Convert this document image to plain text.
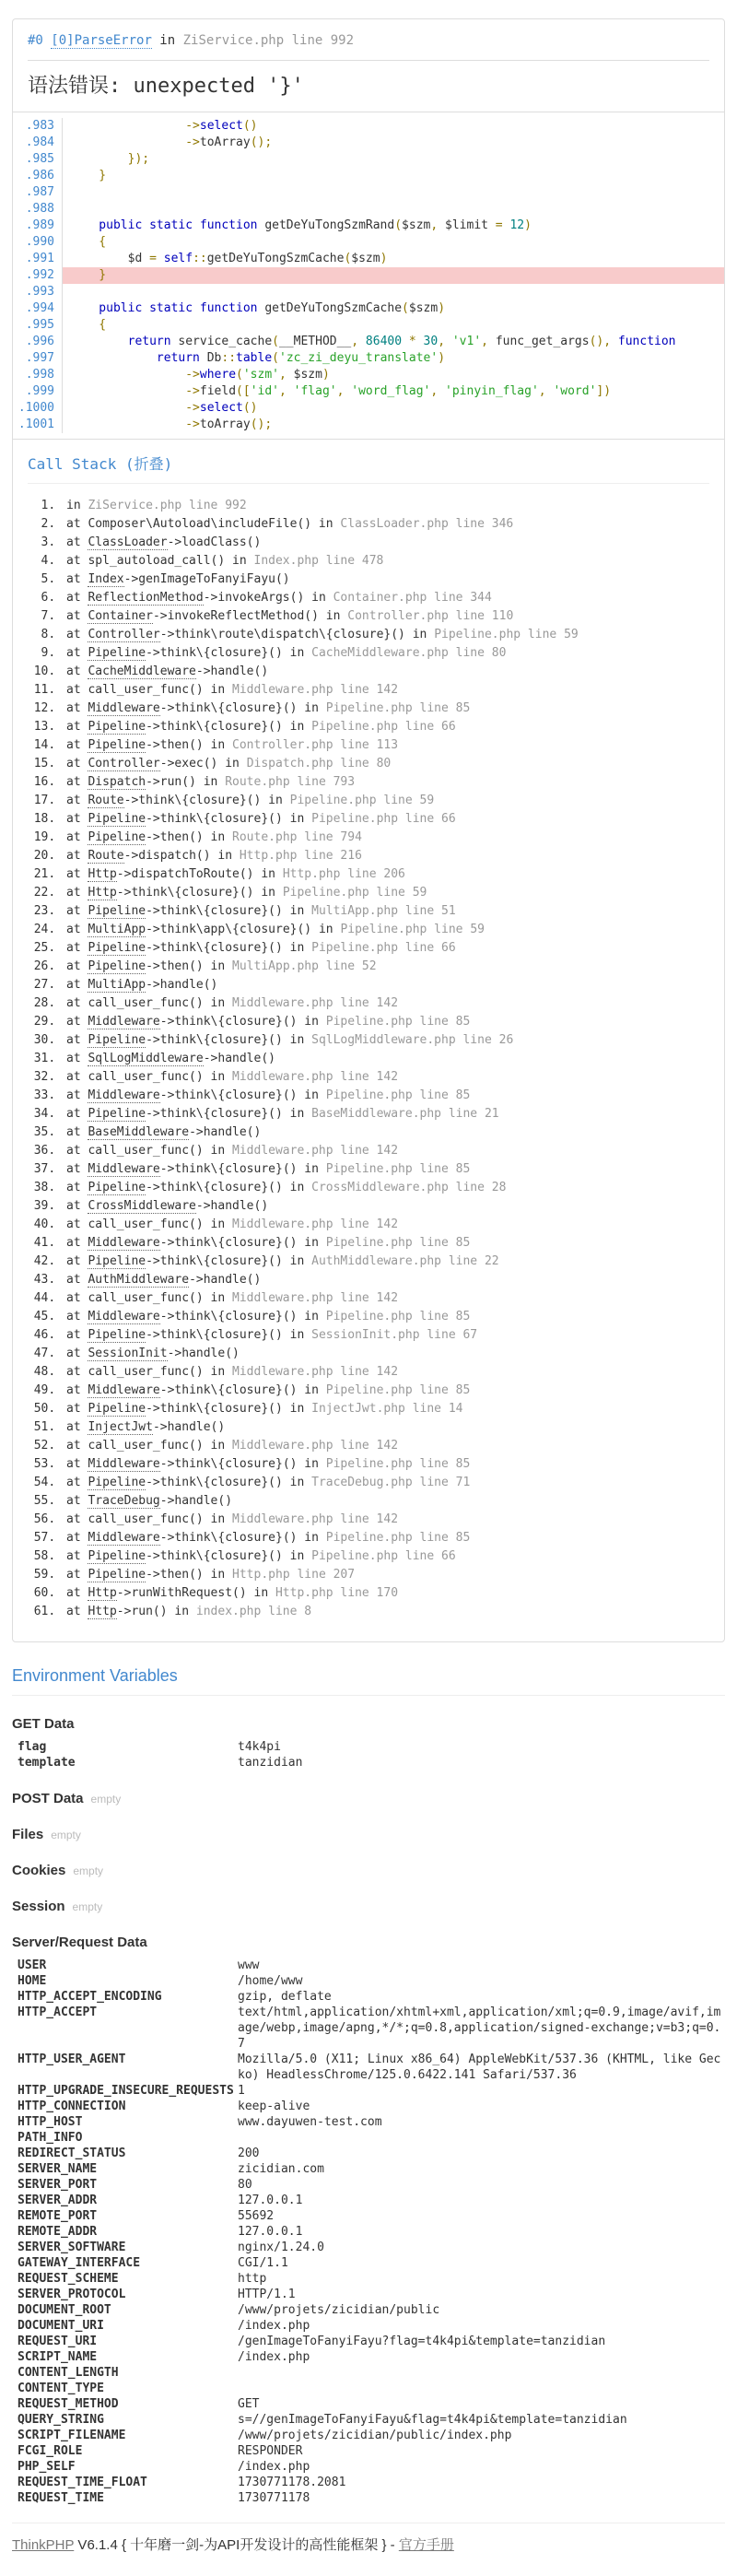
#0 [0]ParseError in ZiService.php line 992
语法错误: unexpected '}'
983.	->select()
984.	->toArray();
985.	});
986.	}
987.
988.
989.	public static function getDeYuTongSzmRand($szm, $limit = 12)
990.	{
991.	$d = self::getDeYuTongSzmCache($szm)
992.	}
993.
994.	public static function getDeYuTongSzmCache($szm)
995.	{
996.	return service_cache(__METHOD__, 86400 * 30, 'v1', func_get_args(), function
997.	return Db::table('zc_zi_deyu_translate')
998.	->where('szm', $szm)
999.	->field(['id', 'flag', 'word_flag', 'pinyin_flag', 'word'])
1000.	->select()
1001.	->toArray();
Call Stack (折叠)
1. in ZiService.php line 992
2. at Composer\Autoload\includeFile() in ClassLoader.php line 346
3. at ClassLoader->loadClass()
4. at spl_autoload_call() in Index.php line 478
5. at Index->genImageToFanyiFayu()
6. at ReflectionMethod->invokeArgs() in Container.php line 344
7. at Container->invokeReflectMethod() in Controller.php line 110
8. at Controller->think\route\dispatch\{closure}() in Pipeline.php line 59
9. at Pipeline->think\{closure}() in CacheMiddleware.php line 80
10. at CacheMiddleware->handle()
11. at call_user_func() in Middleware.php line 142
12. at Middleware->think\{closure}() in Pipeline.php line 85
13. at Pipeline->think\{closure}() in Pipeline.php line 66
14. at Pipeline->then() in Controller.php line 113
15. at Controller->exec() in Dispatch.php line 80
16. at Dispatch->run() in Route.php line 793
17. at Route->think\{closure}() in Pipeline.php line 59
18. at Pipeline->think\{closure}() in Pipeline.php line 66
19. at Pipeline->then() in Route.php line 794
20. at Route->dispatch() in Http.php line 216
21. at Http->dispatchToRoute() in Http.php line 206
22. at Http->think\{closure}() in Pipeline.php line 59
23. at Pipeline->think\{closure}() in MultiApp.php line 51
24. at MultiApp->think\app\{closure}() in Pipeline.php line 59
25. at Pipeline->think\{closure}() in Pipeline.php line 66
26. at Pipeline->then() in MultiApp.php line 52
27. at MultiApp->handle()
28. at call_user_func() in Middleware.php line 142
29. at Middleware->think\{closure}() in Pipeline.php line 85
30. at Pipeline->think\{closure}() in SqlLogMiddleware.php line 26
31. at SqlLogMiddleware->handle()
32. at call_user_func() in Middleware.php line 142
33. at Middleware->think\{closure}() in Pipeline.php line 85
34. at Pipeline->think\{closure}() in BaseMiddleware.php line 21
35. at BaseMiddleware->handle()
36. at call_user_func() in Middleware.php line 142
37. at Middleware->think\{closure}() in Pipeline.php line 85
38. at Pipeline->think\{closure}() in CrossMiddleware.php line 28
39. at CrossMiddleware->handle()
40. at call_user_func() in Middleware.php line 142
41. at Middleware->think\{closure}() in Pipeline.php line 85
42. at Pipeline->think\{closure}() in AuthMiddleware.php line 22
43. at AuthMiddleware->handle()
44. at call_user_func() in Middleware.php line 142
45. at Middleware->think\{closure}() in Pipeline.php line 85
46. at Pipeline->think\{closure}() in SessionInit.php line 67
47. at SessionInit->handle()
48. at call_user_func() in Middleware.php line 142
49. at Middleware->think\{closure}() in Pipeline.php line 85
50. at Pipeline->think\{closure}() in InjectJwt.php line 14
51. at InjectJwt->handle()
52. at call_user_func() in Middleware.php line 142
53. at Middleware->think\{closure}() in Pipeline.php line 85
54. at Pipeline->think\{closure}() in TraceDebug.php line 71
55. at TraceDebug->handle()
56. at call_user_func() in Middleware.php line 142
57. at Middleware->think\{closure}() in Pipeline.php line 85
58. at Pipeline->think\{closure}() in Pipeline.php line 66
59. at Pipeline->then() in Http.php line 207
60. at Http->runWithRequest() in Http.php line 170
61. at Http->run() in index.php line 8
Environment Variables
GET Data
flag	t4k4pi
template	tanzidian
POST Data empty
Files empty
Cookies empty
Session empty
Server/Request Data
USER	www
HOME	/home/www
HTTP_ACCEPT_ENCODING	gzip, deflate
HTTP_ACCEPT	text/html,application/xhtml+xml,application/xml;q=0.9,image/avif,image/webp,image/apng,*/*;q=0.8,application/signed-exchange;v=b3;q=0.7
HTTP_USER_AGENT	Mozilla/5.0 (X11; Linux x86_64) AppleWebKit/537.36 (KHTML, like Gecko) HeadlessChrome/125.0.6422.141 Safari/537.36
HTTP_UPGRADE_INSECURE_REQUESTS	1
HTTP_CONNECTION	keep-alive
HTTP_HOST	www.dayuwen-test.com
PATH_INFO	
REDIRECT_STATUS	200
SERVER_NAME	zicidian.com
SERVER_PORT	80
SERVER_ADDR	127.0.0.1
REMOTE_PORT	55692
REMOTE_ADDR	127.0.0.1
SERVER_SOFTWARE	nginx/1.24.0
GATEWAY_INTERFACE	CGI/1.1
REQUEST_SCHEME	http
SERVER_PROTOCOL	HTTP/1.1
DOCUMENT_ROOT	/www/projets/zicidian/public
DOCUMENT_URI	/index.php
REQUEST_URI	/genImageToFanyiFayu?flag=t4k4pi&template=tanzidian
SCRIPT_NAME	/index.php
CONTENT_LENGTH	
CONTENT_TYPE	
REQUEST_METHOD	GET
QUERY_STRING	s=//genImageToFanyiFayu&flag=t4k4pi&template=tanzidian
SCRIPT_FILENAME	/www/projets/zicidian/public/index.php
FCGI_ROLE	RESPONDER
PHP_SELF	/index.php
REQUEST_TIME_FLOAT	1730771178.2081
REQUEST_TIME	1730771178
ThinkPHP V6.1.4 { 十年磨一剑-为API开发设计的高性能框架 } - 官方手册
